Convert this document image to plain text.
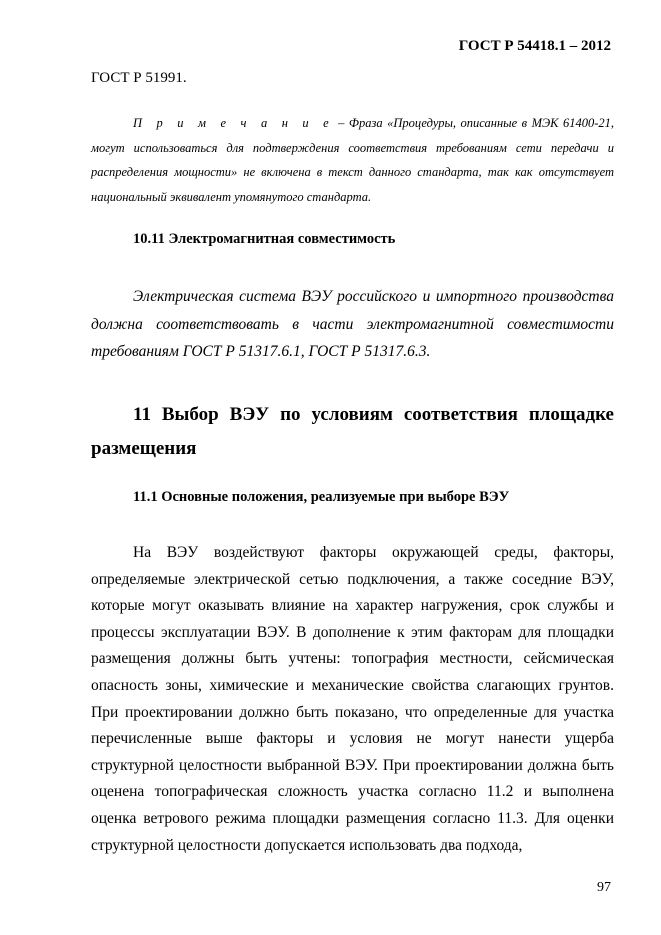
ГОСТ Р 54418.1 – 2012
ГОСТ Р 51991.
П р и м е ч а н и е – Фраза «Процедуры, описанные в МЭК 61400-21, могут использоваться для подтверждения соответствия требованиям сети передачи и распределения мощности» не включена в текст данного стандарта, так как отсутствует национальный эквивалент упомянутого стандарта.
10.11 Электромагнитная совместимость
Электрическая система ВЭУ российского и импортного производства должна соответствовать в части электромагнитной совместимости требованиям ГОСТ Р 51317.6.1, ГОСТ Р 51317.6.3.
11 Выбор ВЭУ по условиям соответствия площадке размещения
11.1 Основные положения, реализуемые при выборе ВЭУ
На ВЭУ воздействуют факторы окружающей среды, факторы, определяемые электрической сетью подключения, а также соседние ВЭУ, которые могут оказывать влияние на характер нагружения, срок службы и процессы эксплуатации ВЭУ. В дополнение к этим факторам для площадки размещения должны быть учтены: топография местности, сейсмическая опасность зоны, химические и механические свойства слагающих грунтов. При проектировании должно быть показано, что определенные для участка перечисленные выше факторы и условия не могут нанести ущерба структурной целостности выбранной ВЭУ. При проектировании должна быть оценена топографическая сложность участка согласно 11.2 и выполнена оценка ветрового режима площадки размещения согласно 11.3. Для оценки структурной целостности допускается использовать два подхода,
97
